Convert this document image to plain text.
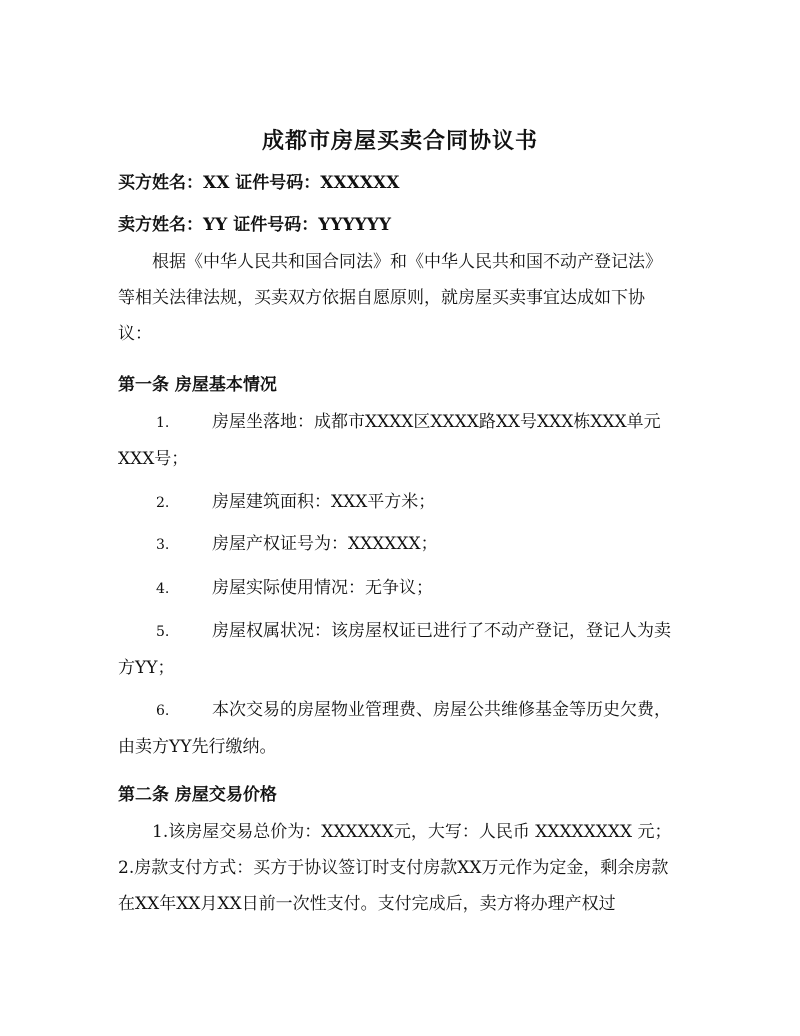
成都市房屋买卖合同协议书
买方姓名：XX 证件号码：XXXXXX
卖方姓名：YY 证件号码：YYYYYY
根据《中华人民共和国合同法》和《中华人民共和国不动产登记法》等相关法律法规，买卖双方依据自愿原则，就房屋买卖事宜达成如下协议：
第一条 房屋基本情况
1.	房屋坐落地：成都市XXXX区XXXX路XX号XXX栋XXX单元XXX号；
2.	房屋建筑面积：XXX平方米；
3.	房屋产权证号为：XXXXXX；
4.	房屋实际使用情况：无争议；
5.	房屋权属状况：该房屋权证已进行了不动产登记，登记人为卖方YY；
6.	本次交易的房屋物业管理费、房屋公共维修基金等历史欠费，由卖方YY先行缴纳。
第二条 房屋交易价格
1.该房屋交易总价为：XXXXXX元，大写：人民币 XXXXXXXX 元；
2.房款支付方式：买方于协议签订时支付房款XX万元作为定金，剩余房款在XX年XX月XX日前一次性支付。支付完成后，卖方将办理产权过
